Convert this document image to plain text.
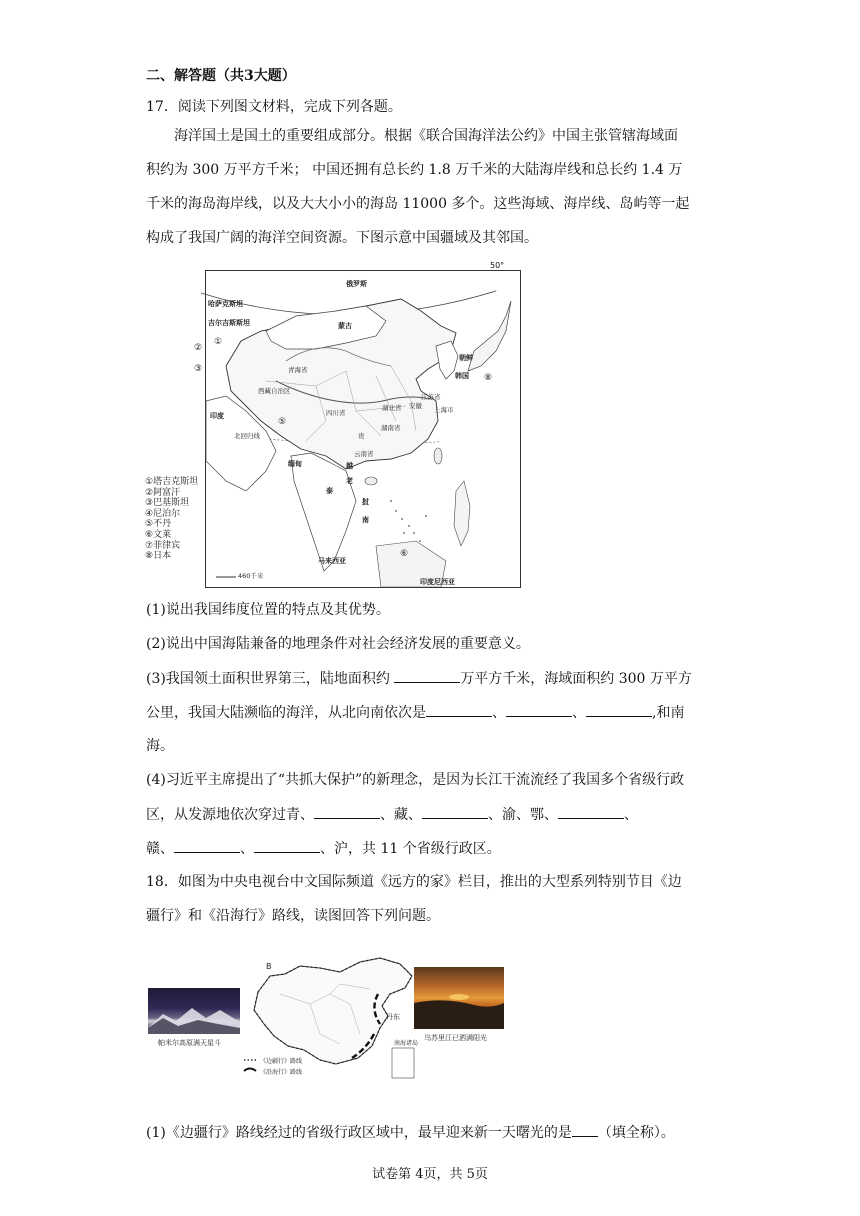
二、解答题（共3大题）
17．阅读下列图文材料，完成下列各题。
海洋国土是国土的重要组成部分。根据《联合国海洋法公约》中国主张管辖海域面
积约为 300 万平方千米； 中国还拥有总长约 1.8 万千米的大陆海岸线和总长约 1.4 万
千米的海岛海岸线，以及大大小小的海岛 11000 多个。这些海域、海岸线、岛屿等一起
构成了我国广阔的海洋空间资源。下图示意中国疆域及其邻国。
50°
俄罗斯
哈萨克斯坦
吉尔吉斯斯坦	蒙古
朝鲜
韩国
青海省
西藏自治区
四川省
湖北省
湖南省
安徽
江苏省
上海市
云南省
贵
印度
北回归线
缅甸	越
老
泰
挝
南
马来西亚
印度尼西亚
460千米
①
②
③
⑤
⑧
⑥
①塔吉克斯坦
②阿富汗
③巴基斯坦
④尼泊尔
⑤不丹
⑥文莱
⑦菲律宾
⑧日本
(1)说出我国纬度位置的特点及其优势。
(2)说出中国海陆兼备的地理条件对社会经济发展的重要意义。
(3)我国领土面积世界第三，陆地面积约	万平方千米，海域面积约 300 万平方
公里，我国大陆濒临的海洋，从北向南依次是	、	、	,和南
海。
(4)习近平主席提出了“共抓大保护”的新理念，是因为长江干流流经了我国多个省级行政
区，从发源地依次穿过青、	、藏、	、渝、鄂、	、
赣、	、	、沪，共 11 个省级行政区。
18．如图为中央电视台中文国际频道《远方的家》栏目，推出的大型系列特别节目《边
疆行》和《沿海行》路线，读图回答下列问题。
帕米尔高原满天星斗
B
丹东
南海诸岛
《边疆行》路线
《沿海行》路线
乌苏里江已洒满阳光
(1)《边疆行》路线经过的省级行政区域中，最早迎来新一天曙光的是 （填全称）。
试卷第 4页，共 5页
